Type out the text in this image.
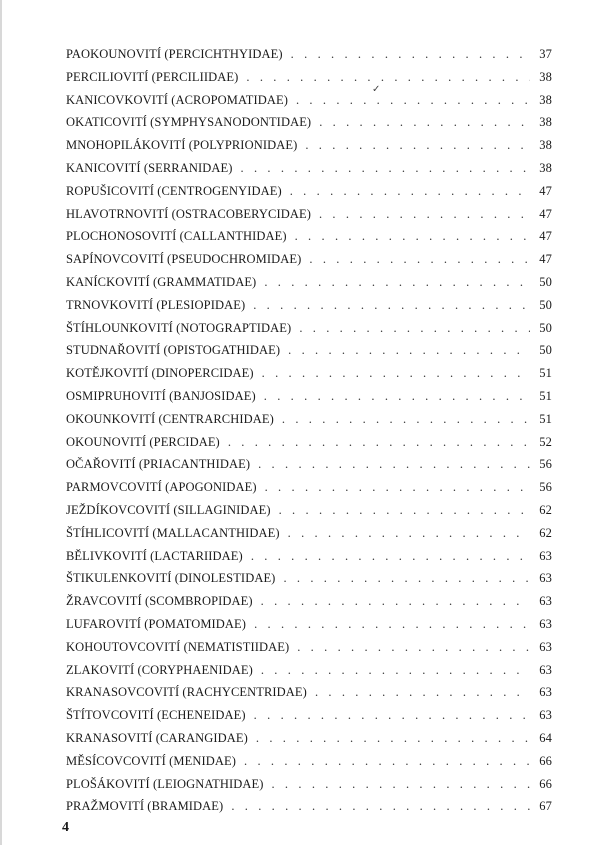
PAOKOUNOVITÍ (PERCICHTHYIDAE) . . .	37
PERCILIOVITÍ (PERCILIIDAE) . . .	38
KANICOVKOVITÍ (ACROPOMATIDAE) . . .	38
OKATICOVITÍ (SYMPHYSANODONTIDAE) . . .	38
MNOHOPILÁKOVITÍ (POLYPRIONIDAE) . . .	38
KANICOVITÍ (SERRANIDAE) . . .	38
ROPUŠICOVITÍ (CENTROGENYIDAE) . . .	47
HLAVOTRNOVITÍ (OSTRACOBERYCIDAE) . . .	47
PLOCHONOSOVITÍ (CALLANTHIDAE) . . .	47
SAPÍNOVCOVITÍ (PSEUDOCHROMIDAE) . . .	47
KANÍCKOVITÍ (GRAMMATIDAE) . . .	50
TRNOVKOVITÍ (PLESIOPIDAE) . . .	50
ŠTÍHLOUNKOVITÍ (NOTOGRAPTIDAE) . . .	50
STUDNAŘOVITÍ (OPISTOGATHIDAE) . . .	50
KOTĚJKOVITÍ (DINOPERCIDAE) . . .	51
OSMIPRUHOVITÍ (BANJOSIDAE) . . .	51
OKOUNKOVITÍ (CENTRARCHIDAE) . . .	51
OKOUNOVITÍ (PERCIDAE) . . .	52
OČAŘOVITÍ (PRIACANTHIDAE) . . .	56
PARMOVCOVITÍ (APOGONIDAE) . . .	56
JEŽDÍKOVCOVITÍ (SILLAGINIDAE) . . .	62
ŠTÍHLICOVITÍ (MALLACANTHIDAE) . . .	62
BĚLIVKOVITÍ (LACTARIIDAE) . . .	63
ŠTIKULENKOVITÍ (DINOLESTIDAE) . . .	63
ŽRAVCOVITÍ (SCOMBROPIDAE) . . .	63
LUFAROVITÍ (POMATOMIDAE) . . .	63
KOHOUTOVCOVITÍ (NEMATISTIIDAE) . . .	63
ZLAKOVITÍ (CORYPHAENIDAE) . . .	63
KRANASOVCOVITÍ (RACHYCENTRIDAE) . . .	63
ŠTÍTOVCOVITÍ (ECHENEIDAE) . . .	63
KRANASOVITÍ (CARANGIDAE) . . .	64
MĚSÍCOVCOVITÍ (MENIDAE) . . .	66
PLOŠÁKOVITÍ (LEIOGNATHIDAE) . . .	66
PRAŽMOVITÍ (BRAMIDAE) . . .	67
✓
4
